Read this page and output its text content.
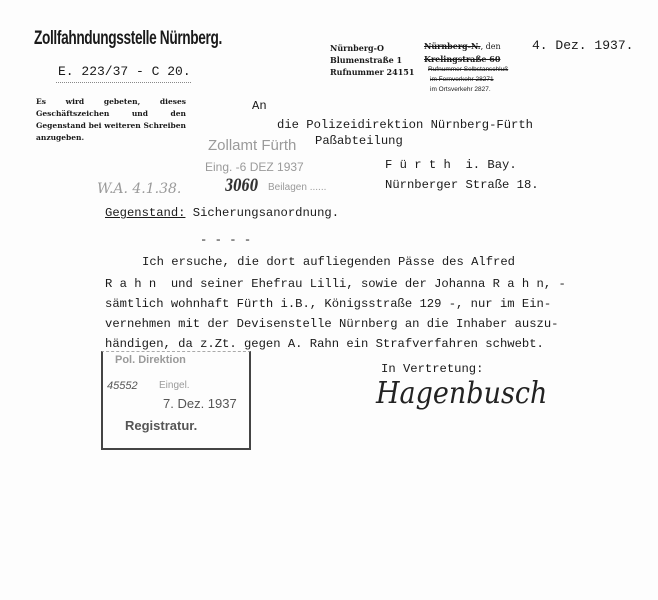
Zollfahndungsstelle Nürnberg.
E. 223/37 - C 20.
Es wird gebeten, dieses Geschäftszeichen und den Gegenstand bei weiteren Schreiben anzugeben.
Nürnberg-O
Blumenstraße 1
Rufnummer 24151
Nürnberg-N., den
Krelingstraße 60
Rufnummer Selbstanschluß
im Fernverkehr 28271
im Ortsverkehr 2827.
4. Dez. 1937.
An
die Polizeidirektion Nürnberg-Fürth
Paßabteilung
F ü r t h  i. Bay.
Nürnberger Straße 18.
Zollamt Fürth
Eing. -6 DEZ 1937
3060 Beilagen ......
W.A. 4.1.38.
Gegenstand: Sicherungsanordnung.
- - - -
Ich ersuche, die dort aufliegenden Pässe des Alfred
R a h n  und seiner Ehefrau Lilli, sowie der Johanna R a h n, -
sämtlich wohnhaft Fürth i.B., Königsstraße 129 -, nur im Ein-
vernehmen mit der Devisenstelle Nürnberg an die Inhaber auszu-
händigen, da z.Zt. gegen A. Rahn ein Strafverfahren schwebt.
In Vertretung:
Hagenbusch
Pol. Direktion
45552 Eingel.
7. Dez. 1937
Registratur.
